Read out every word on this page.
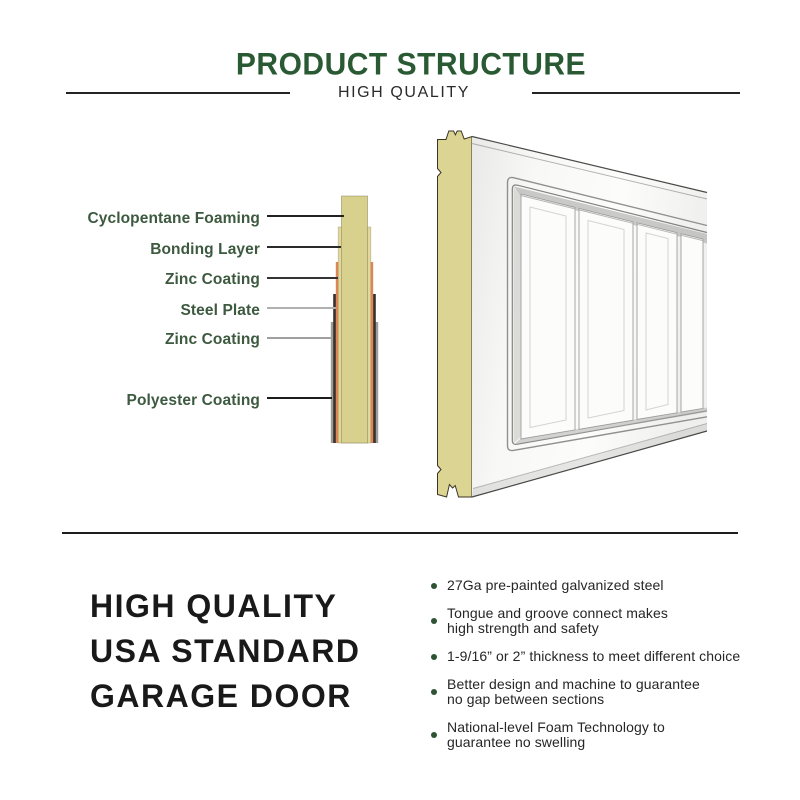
PRODUCT STRUCTURE
HIGH QUALITY
Cyclopentane Foaming
Bonding Layer
Zinc Coating
Steel Plate
Zinc Coating
Polyester Coating
HIGH QUALITY
USA STANDARD
GARAGE DOOR
27Ga pre-painted galvanized steel
Tongue and groove connect makes
high strength and safety
1-9/16” or 2” thickness to meet different choice
Better design and machine to guarantee
no gap between sections
National-level Foam Technology to
guarantee no swelling
